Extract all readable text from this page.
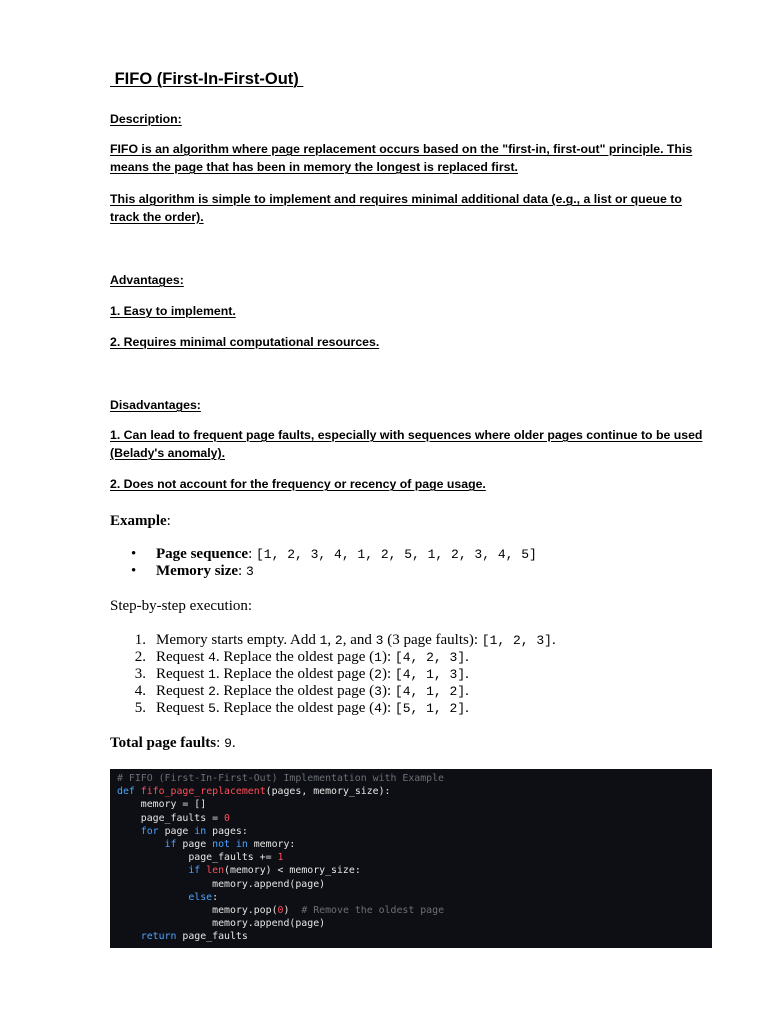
FIFO (First-In-First-Out)
Description:
FIFO is an algorithm where page replacement occurs based on the "first-in, first-out" principle. This means the page that has been in memory the longest is replaced first.
This algorithm is simple to implement and requires minimal additional data (e.g., a list or queue to track the order).
Advantages:
1. Easy to implement.
2. Requires minimal computational resources.
Disadvantages:
1. Can lead to frequent page faults, especially with sequences where older pages continue to be used (Belady's anomaly).
2. Does not account for the frequency or recency of page usage.
Example:
• Page sequence: [1, 2, 3, 4, 1, 2, 5, 1, 2, 3, 4, 5]
• Memory size: 3
Step-by-step execution:
1. Memory starts empty. Add 1, 2, and 3 (3 page faults): [1, 2, 3].
2. Request 4. Replace the oldest page (1): [4, 2, 3].
3. Request 1. Replace the oldest page (2): [4, 1, 3].
4. Request 2. Replace the oldest page (3): [4, 1, 2].
5. Request 5. Replace the oldest page (4): [5, 1, 2].
Total page faults: 9.
# FIFO (First-In-First-Out) Implementation with Example
def fifo_page_replacement(pages, memory_size):
memory = []
page_faults = 0
for page in pages:
if page not in memory:
page_faults += 1
if len(memory) < memory_size:
memory.append(page)
else:
memory.pop(0)  # Remove the oldest page
memory.append(page)
return page_faults
